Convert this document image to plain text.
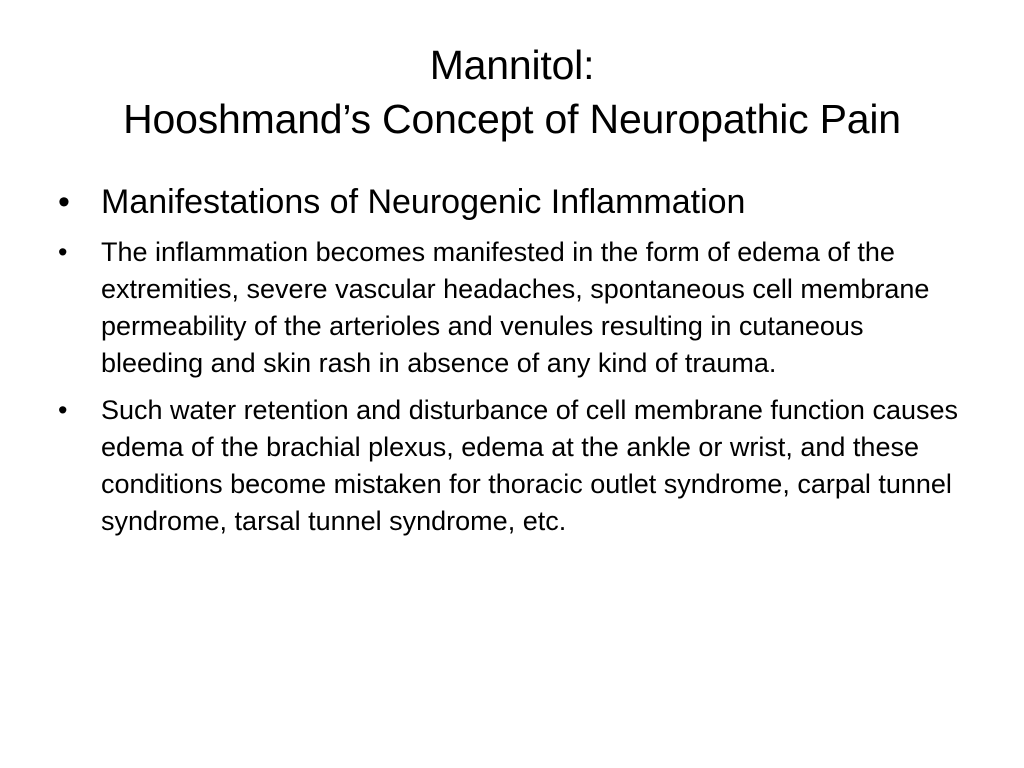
Mannitol:
Hooshmand’s Concept of Neuropathic Pain
• Manifestations of Neurogenic Inflammation
•	The inflammation becomes manifested in the form of edema of the extremities, severe vascular headaches, spontaneous cell membrane permeability of the arterioles and venules resulting in cutaneous bleeding and skin rash in absence of any kind of trauma.
•	Such water retention and disturbance of cell membrane function causes edema of the brachial plexus, edema at the ankle or wrist, and these conditions become mistaken for thoracic outlet syndrome, carpal tunnel syndrome, tarsal tunnel syndrome, etc.
